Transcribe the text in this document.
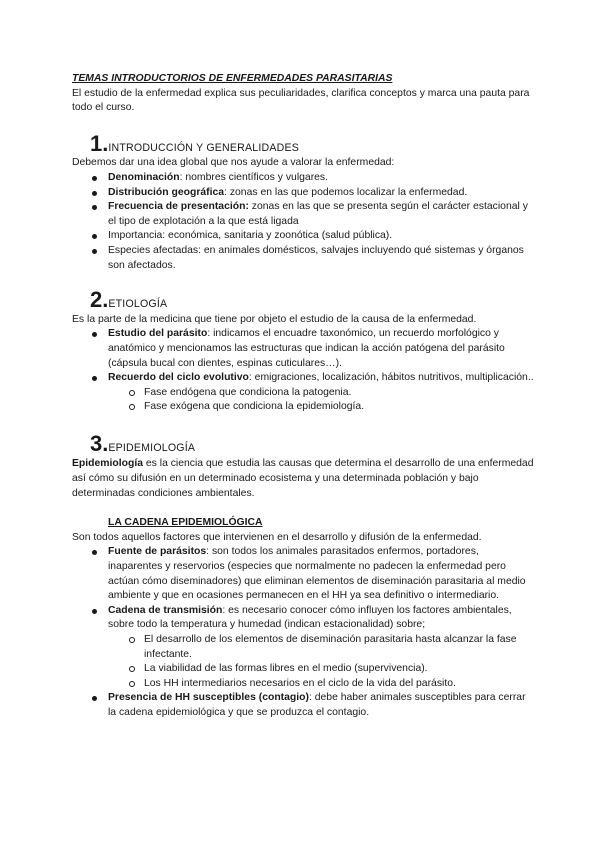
TEMAS INTRODUCTORIOS DE ENFERMEDADES PARASITARIAS

El estudio de la enfermedad explica sus peculiaridades, clarifica conceptos y marca una pauta para todo el curso.

1. INTRODUCCIÓN Y GENERALIDADES

Debemos dar una idea global que nos ayude a valorar la enfermedad:

Denominación: nombres científicos y vulgares.
Distribución geográfica: zonas en las que podemos localizar la enfermedad.
Frecuencia de presentación: zonas en las que se presenta según el carácter estacional y el tipo de explotación a la que está ligada
Importancia: económica, sanitaria y zoonótica (salud pública).
Especies afectadas: en animales domésticos, salvajes incluyendo qué sistemas y órganos son afectados.
2. ETIOLOGÍA

Es la parte de la medicina que tiene por objeto el estudio de la causa de la enfermedad.

Estudio del parásito: indicamos el encuadre taxonómico, un recuerdo morfológico y anatómico y mencionamos las estructuras que indican la acción patógena del parásito (cápsula bucal con dientes, espinas cuticulares…).
Recuerdo del ciclo evolutivo: emigraciones, localización, hábitos nutritivos, multiplicación..
Fase endógena que condiciona la patogenia.
Fase exógena que condiciona la epidemiología.
3. EPIDEMIOLOGÍA

Epidemiología es la ciencia que estudia las causas que determina el desarrollo de una enfermedad así cómo su difusión en un determinado ecosistema y una determinada población y bajo determinadas condiciones ambientales.

LA CADENA EPIDEMIOLÓGICA

Son todos aquellos factores que intervienen en el desarrollo y difusión de la enfermedad.

Fuente de parásitos: son todos los animales parasitados enfermos, portadores, inaparentes y reservorios (especies que normalmente no padecen la enfermedad pero actúan cómo diseminadores) que eliminan elementos de diseminación parasitaria al medio ambiente y que en ocasiones permanecen en el HH ya sea definitivo o intermediario.
Cadena de transmisión: es necesario conocer cómo influyen los factores ambientales, sobre todo la temperatura y humedad (indican estacionalidad) sobre;
El desarrollo de los elementos de diseminación parasitaria hasta alcanzar la fase infectante.
La viabilidad de las formas libres en el medio (supervivencia).
Los HH intermediarios necesarios en el ciclo de la vida del parásito.
Presencia de HH susceptibles (contagio): debe haber animales susceptibles para cerrar la cadena epidemiológica y que se produzca el contagio.
